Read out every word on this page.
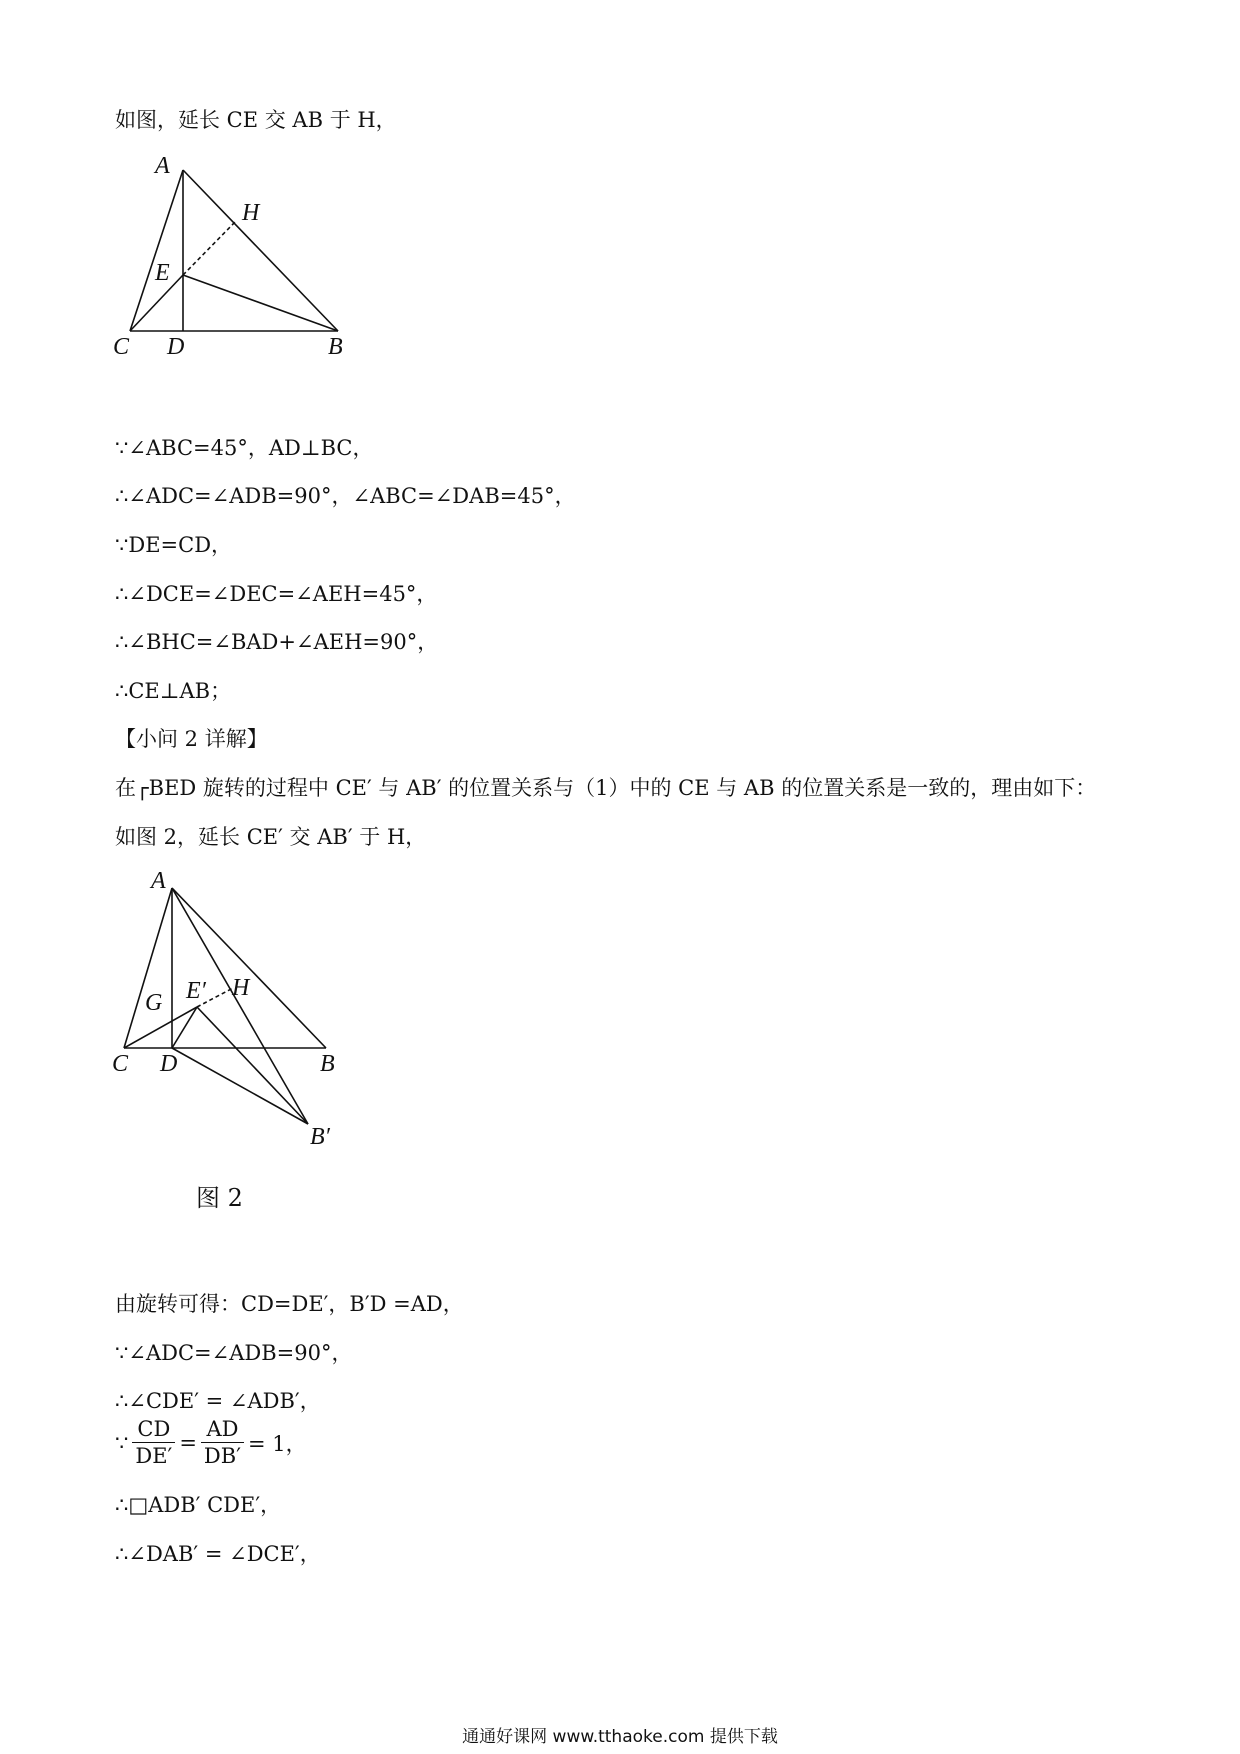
如图，延长 CE 交 AB 于 H，
A
H
E
C D	B
∵∠ABC=45°，AD⊥BC，
∴∠ADC=∠ADB=90°，∠ABC=∠DAB=45°，
∵DE=CD，
∴∠DCE=∠DEC=∠AEH=45°，
∴∠BHC=∠BAD+∠AEH=90°，
∴CE⊥AB；
【小问 2 详解】
在┌BED 旋转的过程中 CE′ 与 AB′ 的位置关系与（1）中的 CE 与 AB 的位置关系是一致的，理由如下：
如图 2，延长 CE′ 交 AB′ 于 H，
A
H
E′
G
C D	B
B′
图 2
由旋转可得：CD=DE′，B′D =AD，
∵∠ADC=∠ADB=90°，
∴∠CDE′ = ∠ADB′，
∵ $\frac{CD}{DE'} = \frac{AD}{DB'} = 1$，
∴□ADB′ CDE′，
∴∠DAB′ = ∠DCE′，
通通好课网 www.tthaoke.com 提供下载
